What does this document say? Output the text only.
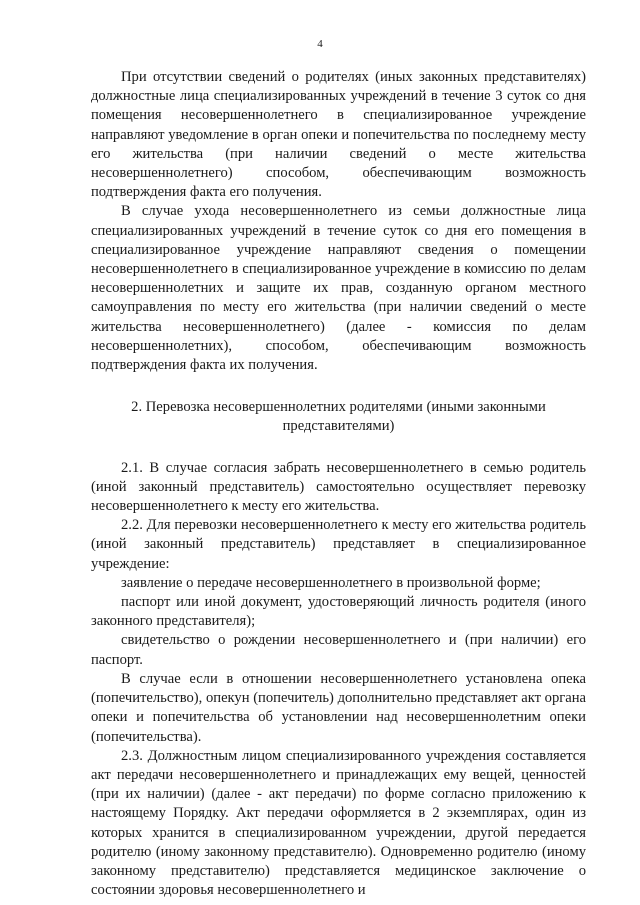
4

При отсутствии сведений о родителях (иных законных представителях) должностные лица специализированных учреждений в течение 3 суток со дня помещения несовершеннолетнего в специализированное учреждение направляют уведомление в орган опеки и попечительства по последнему месту его жительства (при наличии сведений о месте жительства несовершеннолетнего) способом, обеспечивающим возможность подтверждения факта его получения.

В случае ухода несовершеннолетнего из семьи должностные лица специализированных учреждений в течение суток со дня его помещения в специализированное учреждение направляют сведения о помещении несовершеннолетнего в специализированное учреждение в комиссию по делам несовершеннолетних и защите их прав, созданную органом местного самоуправления по месту его жительства (при наличии сведений о месте жительства несовершеннолетнего) (далее - комиссия по делам несовершеннолетних), способом, обеспечивающим возможность подтверждения факта их получения.

2. Перевозка несовершеннолетних родителями (иными законными представителями)

2.1. В случае согласия забрать несовершеннолетнего в семью родитель (иной законный представитель) самостоятельно осуществляет перевозку несовершеннолетнего к месту его жительства.

2.2. Для перевозки несовершеннолетнего к месту его жительства родитель (иной законный представитель) представляет в специализированное учреждение:

заявление о передаче несовершеннолетнего в произвольной форме;

паспорт или иной документ, удостоверяющий личность родителя (иного законного представителя);

свидетельство о рождении несовершеннолетнего и (при наличии) его паспорт.

В случае если в отношении несовершеннолетнего установлена опека (попечительство), опекун (попечитель) дополнительно представляет акт органа опеки и попечительства об установлении над несовершеннолетним опеки (попечительства).

2.3. Должностным лицом специализированного учреждения составляется акт передачи несовершеннолетнего и принадлежащих ему вещей, ценностей (при их наличии) (далее - акт передачи) по форме согласно приложению к настоящему Порядку. Акт передачи оформляется в 2 экземплярах, один из которых хранится в специализированном учреждении, другой передается родителю (иному законному представителю). Одновременно родителю (иному законному представителю) представляется медицинское заключение о состоянии здоровья несовершеннолетнего и
